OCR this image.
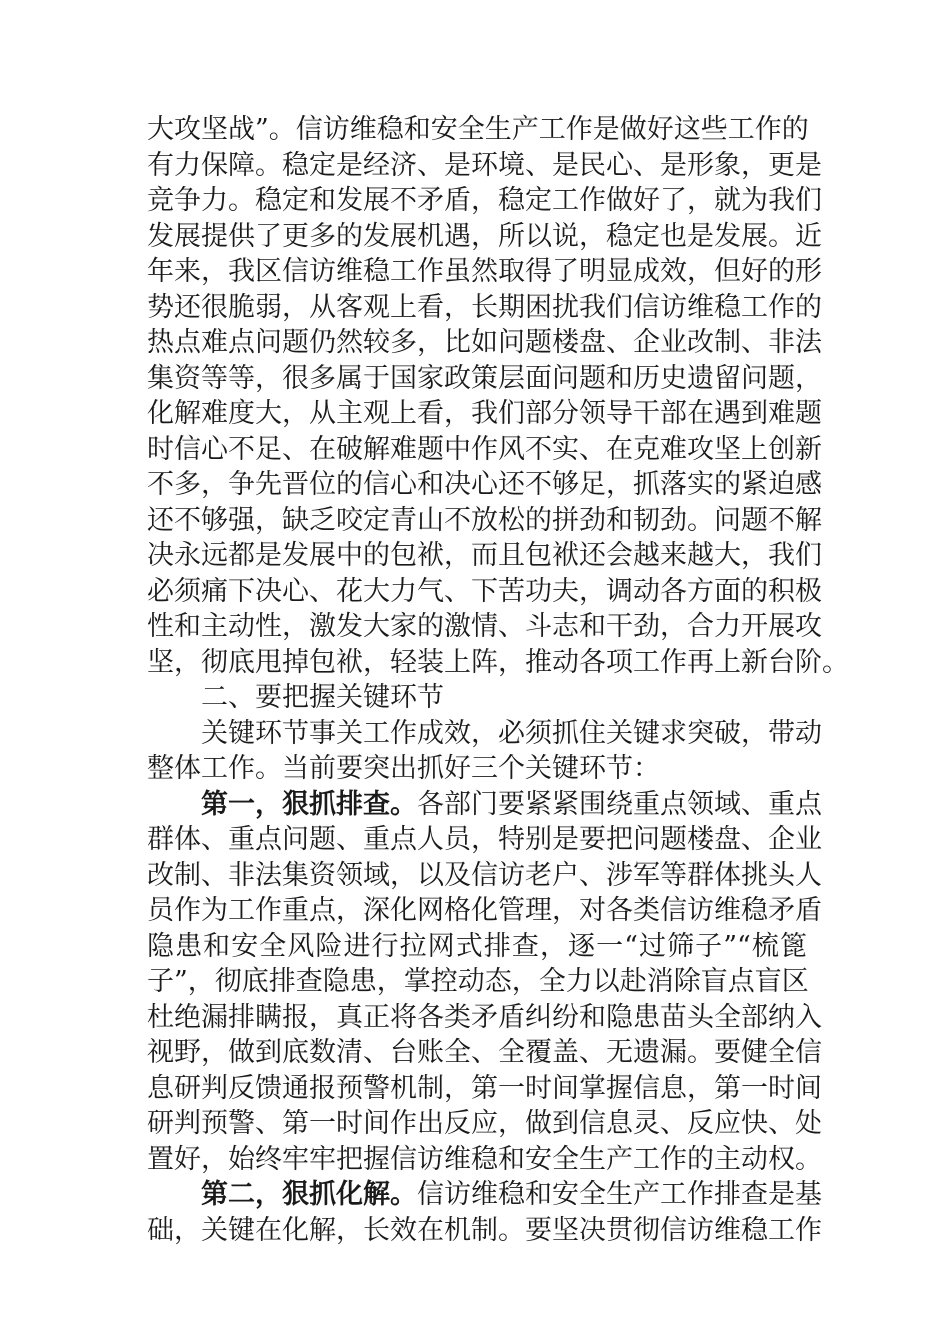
大攻坚战”。信访维稳和安全生产工作是做好这些工作的
有力保障。稳定是经济、是环境、是民心、是形象，更是
竞争力。稳定和发展不矛盾，稳定工作做好了，就为我们
发展提供了更多的发展机遇，所以说，稳定也是发展。近
年来，我区信访维稳工作虽然取得了明显成效，但好的形
势还很脆弱，从客观上看，长期困扰我们信访维稳工作的
热点难点问题仍然较多，比如问题楼盘、企业改制、非法
集资等等，很多属于国家政策层面问题和历史遗留问题，
化解难度大，从主观上看，我们部分领导干部在遇到难题
时信心不足、在破解难题中作风不实、在克难攻坚上创新
不多，争先晋位的信心和决心还不够足，抓落实的紧迫感
还不够强，缺乏咬定青山不放松的拼劲和韧劲。问题不解
决永远都是发展中的包袱，而且包袱还会越来越大，我们
必须痛下决心、花大力气、下苦功夫，调动各方面的积极
性和主动性，激发大家的激情、斗志和干劲，合力开展攻
坚，彻底甩掉包袱，轻装上阵，推动各项工作再上新台阶。
二、要把握关键环节
关键环节事关工作成效，必须抓住关键求突破，带动
整体工作。当前要突出抓好三个关键环节：
第一，狠抓排查。各部门要紧紧围绕重点领域、重点
群体、重点问题、重点人员，特别是要把问题楼盘、企业
改制、非法集资领域，以及信访老户、涉军等群体挑头人
员作为工作重点，深化网格化管理，对各类信访维稳矛盾
隐患和安全风险进行拉网式排查，逐一“过筛子”“梳篦
子”，彻底排查隐患，掌控动态，全力以赴消除盲点盲区
杜绝漏排瞒报，真正将各类矛盾纠纷和隐患苗头全部纳入
视野，做到底数清、台账全、全覆盖、无遗漏。要健全信
息研判反馈通报预警机制，第一时间掌握信息，第一时间
研判预警、第一时间作出反应，做到信息灵、反应快、处
置好，始终牢牢把握信访维稳和安全生产工作的主动权。
第二，狠抓化解。信访维稳和安全生产工作排查是基
础，关键在化解，长效在机制。要坚决贯彻信访维稳工作
